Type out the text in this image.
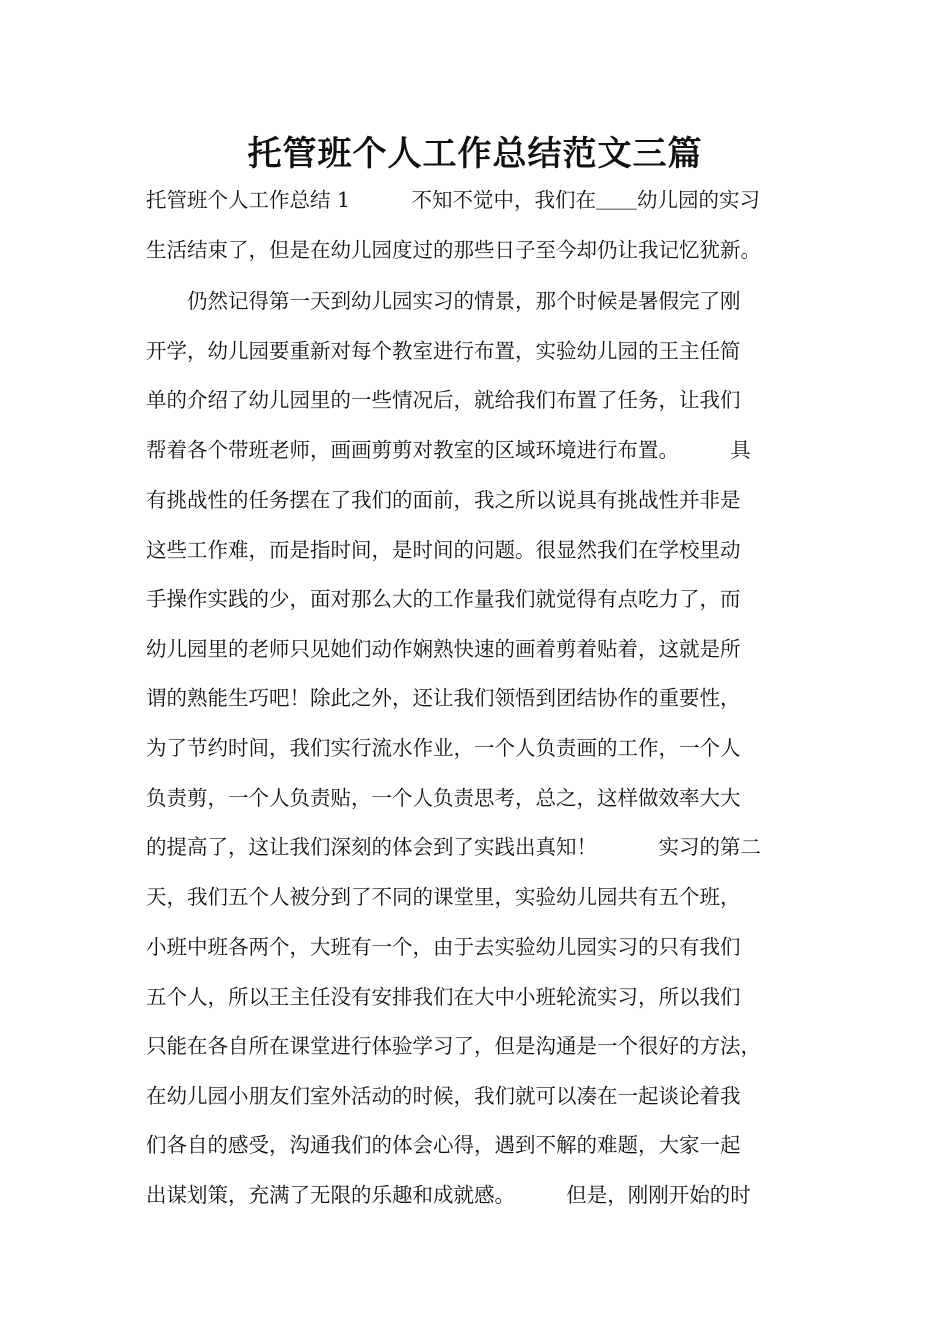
托管班个人工作总结范文三篇
托管班个人工作总结 1　　　不知不觉中，我们在＿＿幼儿园的实习
生活结束了，但是在幼儿园度过的那些日子至今却仍让我记忆犹新。
　　仍然记得第一天到幼儿园实习的情景，那个时候是暑假完了刚
开学，幼儿园要重新对每个教室进行布置，实验幼儿园的王主任简
单的介绍了幼儿园里的一些情况后，就给我们布置了任务，让我们
帮着各个带班老师，画画剪剪对教室的区域环境进行布置。　　　具
有挑战性的任务摆在了我们的面前，我之所以说具有挑战性并非是
这些工作难，而是指时间，是时间的问题。很显然我们在学校里动
手操作实践的少，面对那么大的工作量我们就觉得有点吃力了，而
幼儿园里的老师只见她们动作娴熟快速的画着剪着贴着，这就是所
谓的熟能生巧吧！除此之外，还让我们领悟到团结协作的重要性，
为了节约时间，我们实行流水作业，一个人负责画的工作，一个人
负责剪，一个人负责贴，一个人负责思考，总之，这样做效率大大
的提高了，这让我们深刻的体会到了实践出真知！　　　实习的第二
天，我们五个人被分到了不同的课堂里，实验幼儿园共有五个班，
小班中班各两个，大班有一个，由于去实验幼儿园实习的只有我们
五个人，所以王主任没有安排我们在大中小班轮流实习，所以我们
只能在各自所在课堂进行体验学习了，但是沟通是一个很好的方法，
在幼儿园小朋友们室外活动的时候，我们就可以凑在一起谈论着我
们各自的感受，沟通我们的体会心得，遇到不解的难题，大家一起
出谋划策，充满了无限的乐趣和成就感。　　　但是，刚刚开始的时
